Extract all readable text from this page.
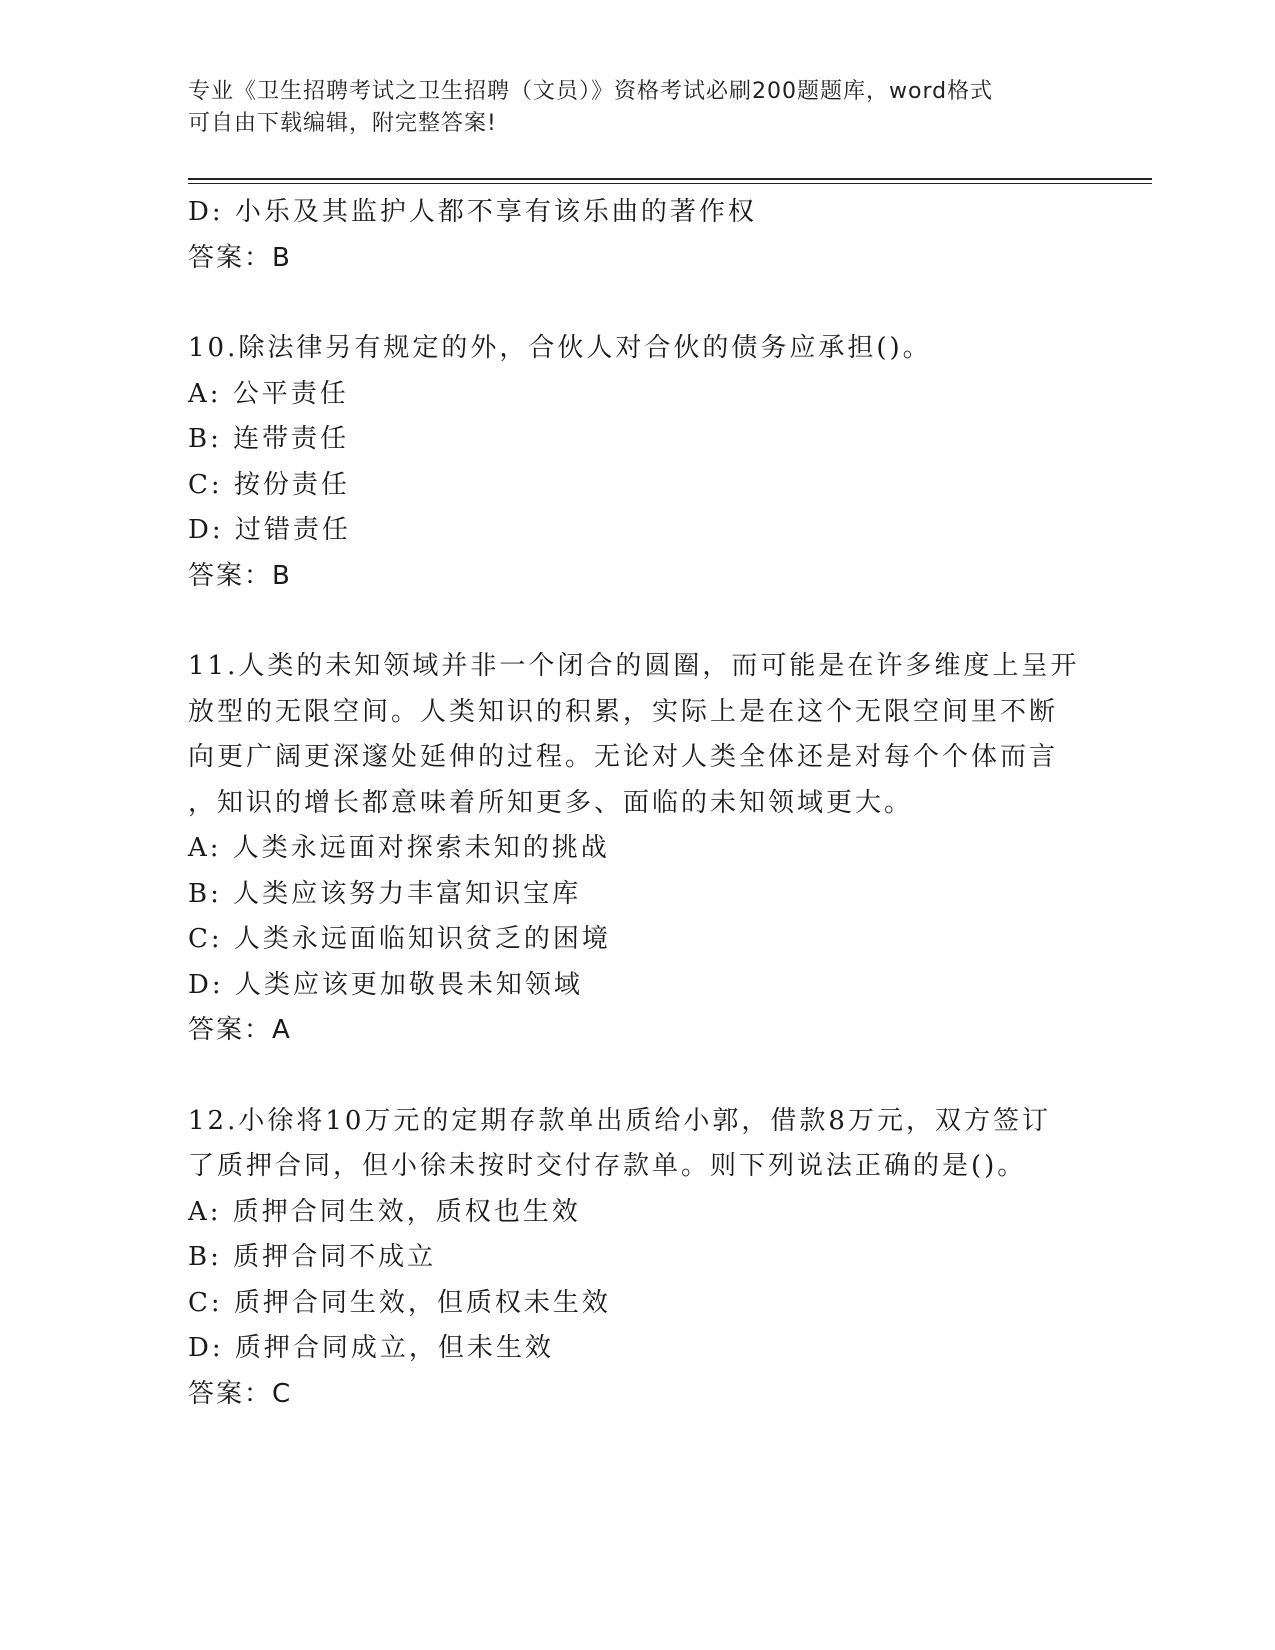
专业《卫生招聘考试之卫生招聘（文员）》资格考试必刷200题题库，word格式
可自由下载编辑，附完整答案!
D: 小乐及其监护人都不享有该乐曲的著作权
答案：B
10.除法律另有规定的外，合伙人对合伙的债务应承担()。
A: 公平责任
B: 连带责任
C: 按份责任
D: 过错责任
答案：B
11.人类的未知领域并非一个闭合的圆圈，而可能是在许多维度上呈开
放型的无限空间。人类知识的积累，实际上是在这个无限空间里不断
向更广阔更深邃处延伸的过程。无论对人类全体还是对每个个体而言
，知识的增长都意味着所知更多、面临的未知领域更大。
A: 人类永远面对探索未知的挑战
B: 人类应该努力丰富知识宝库
C: 人类永远面临知识贫乏的困境
D: 人类应该更加敬畏未知领域
答案：A
12.小徐将10万元的定期存款单出质给小郭，借款8万元，双方签订
了质押合同，但小徐未按时交付存款单。则下列说法正确的是()。
A: 质押合同生效，质权也生效
B: 质押合同不成立
C: 质押合同生效，但质权未生效
D: 质押合同成立，但未生效
答案：C
